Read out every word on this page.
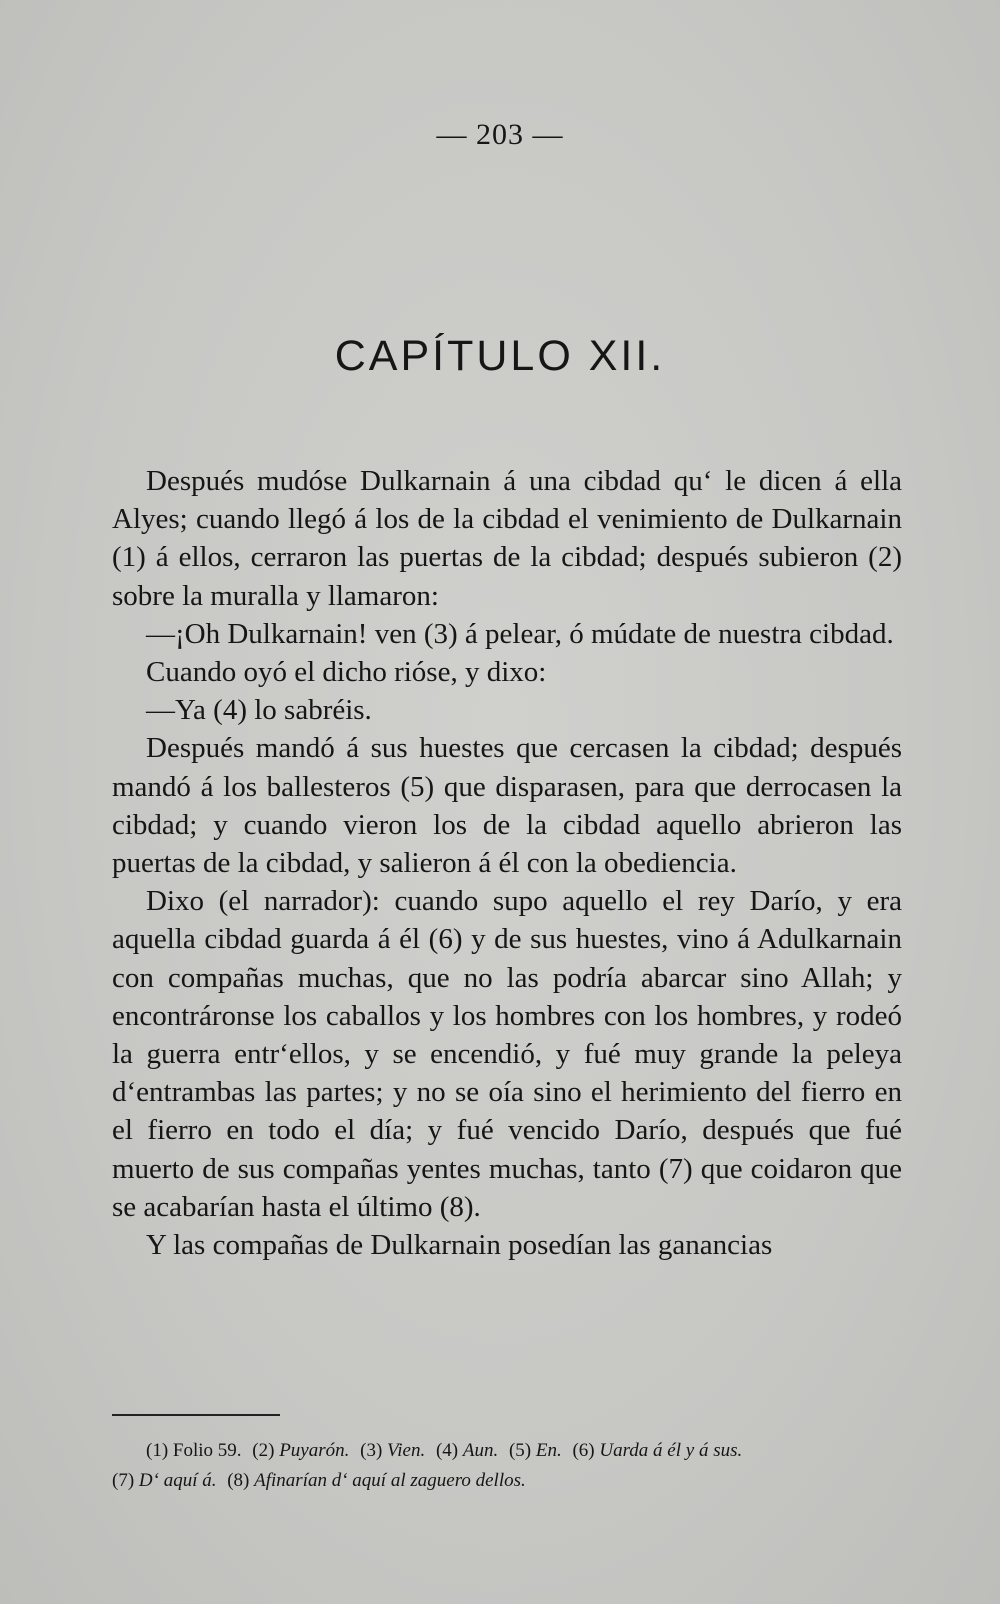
— 203 —
CAPÍTULO XII.

Después mudóse Dulkarnain á una cibdad qu‘ le dicen á ella Alyes; cuando llegó á los de la cibdad el venimiento de Dulkarnain (1) á ellos, cerraron las puertas de la cibdad; después subieron (2) sobre la muralla y llamaron:

—¡Oh Dulkarnain! ven (3) á pelear, ó múdate de nuestra cibdad.

Cuando oyó el dicho rióse, y dixo:

—Ya (4) lo sabréis.

Después mandó á sus huestes que cercasen la cibdad; después mandó á los ballesteros (5) que disparasen, para que derrocasen la cibdad; y cuando vieron los de la cibdad aquello abrieron las puertas de la cibdad, y salieron á él con la obediencia.

Dixo (el narrador): cuando supo aquello el rey Darío, y era aquella cibdad guarda á él (6) y de sus huestes, vino á Adulkarnain con compañas muchas, que no las podría abarcar sino Allah; y encontráronse los caballos y los hombres con los hombres, y rodeó la guerra entr‘ellos, y se encendió, y fué muy grande la peleya d‘entrambas las partes; y no se oía sino el herimiento del fierro en el fierro en todo el día; y fué vencido Darío, después que fué muerto de sus compañas yentes muchas, tanto (7) que coidaron que se acabarían hasta el último (8).

Y las compañas de Dulkarnain posedían las ganancias

(1) Folio 59. (2) Puyarón. (3) Vien. (4) Aun. (5) En. (6) Uarda á él y á sus.

(7) D‘ aquí á. (8) Afinarían d‘ aquí al zaguero dellos.
